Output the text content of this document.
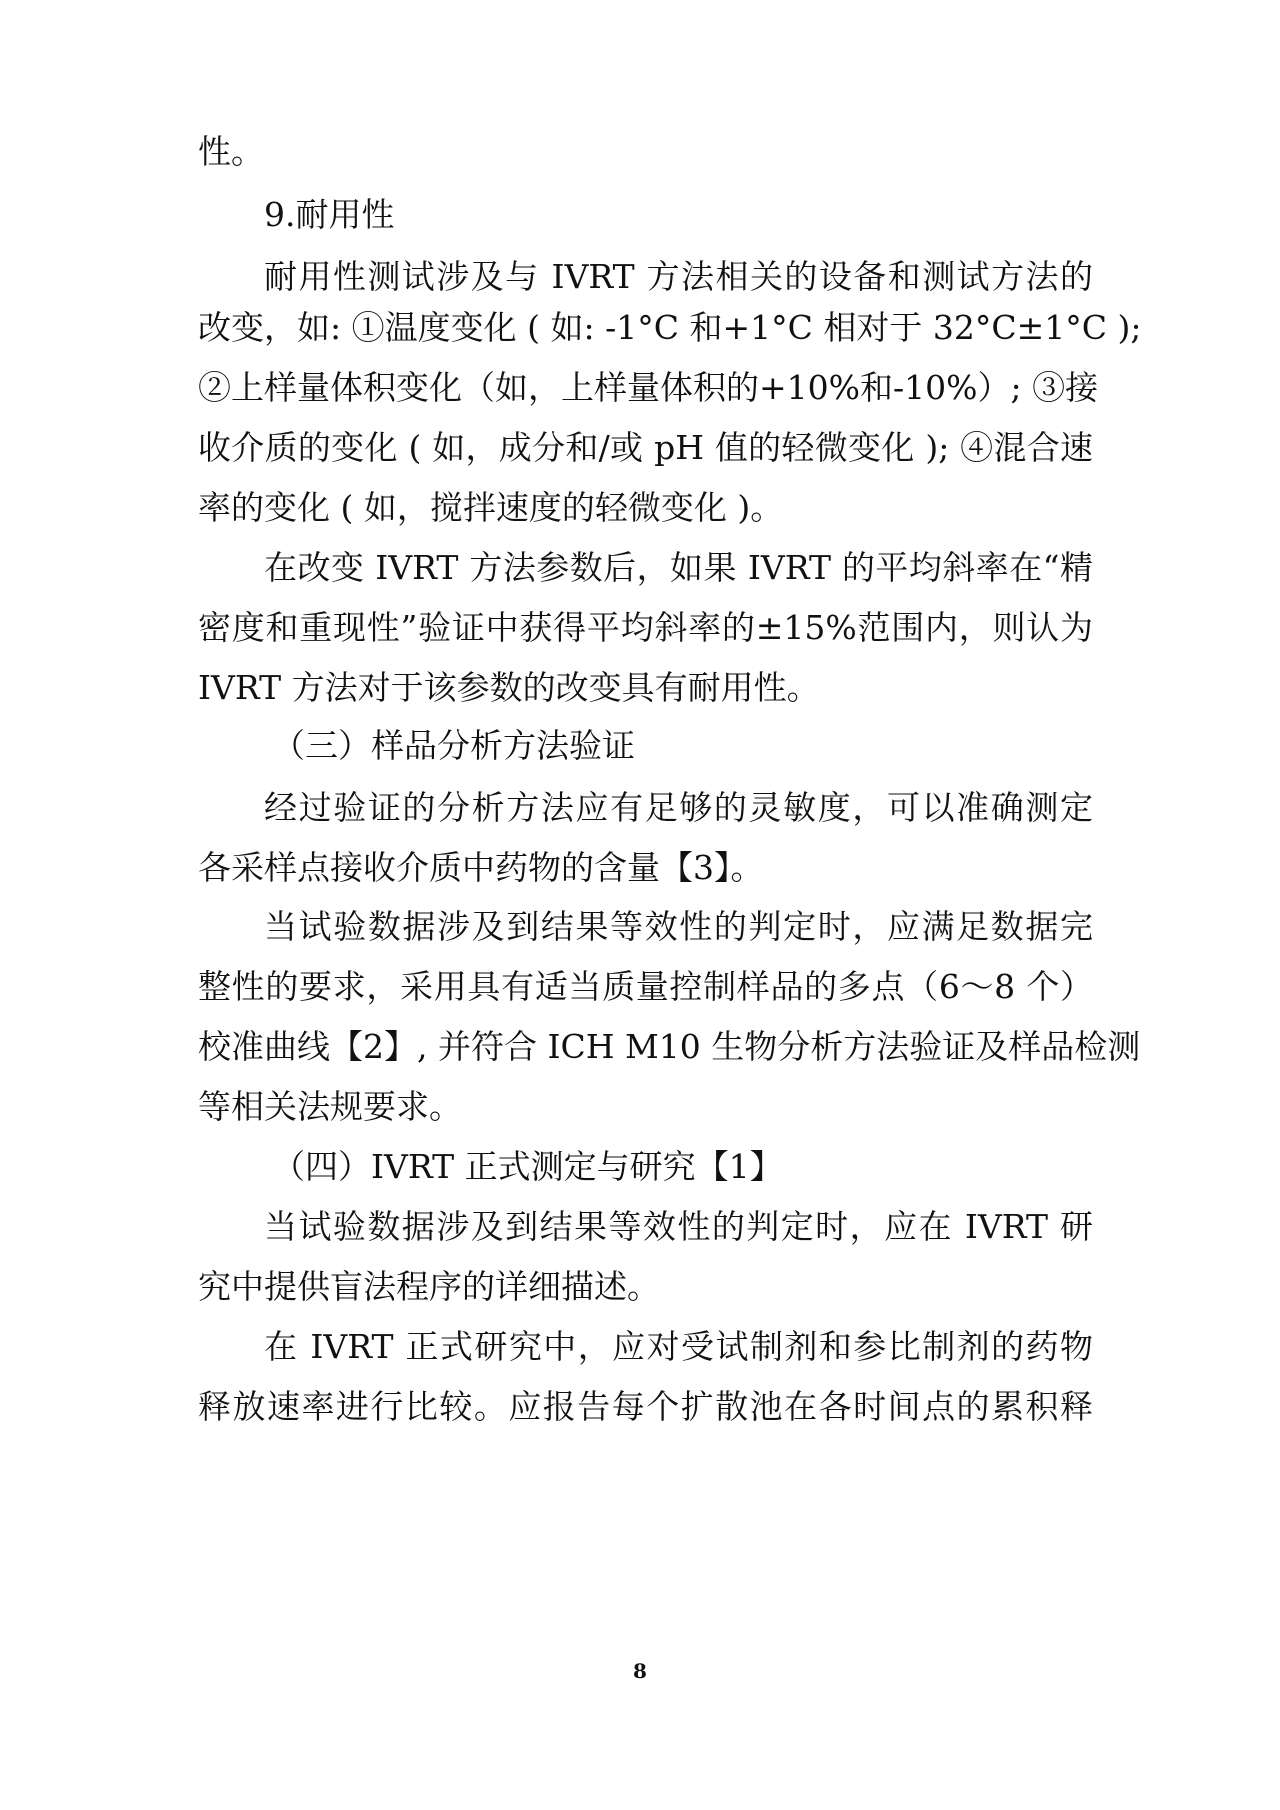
性。
9.耐用性
耐用性测试涉及与 IVRT 方法相关的设备和测试方法的
改变，如: ①温度变化 ( 如: -1°C 和+1°C 相对于 32°C±1°C );
②上样量体积变化（如，上样量体积的+10%和-10%）; ③接
收介质的变化 ( 如，成分和/或 pH 值的轻微变化 ); ④混合速
率的变化 ( 如，搅拌速度的轻微变化 )。
在改变 IVRT 方法参数后，如果 IVRT 的平均斜率在“精
密度和重现性”验证中获得平均斜率的±15%范围内，则认为
IVRT 方法对于该参数的改变具有耐用性。
（三）样品分析方法验证
经过验证的分析方法应有足够的灵敏度，可以准确测定
各采样点接收介质中药物的含量【3】。
当试验数据涉及到结果等效性的判定时，应满足数据完
整性的要求，采用具有适当质量控制样品的多点（6～8 个）
校准曲线【2】, 并符合 ICH M10 生物分析方法验证及样品检测
等相关法规要求。
（四）IVRT 正式测定与研究【1】
当试验数据涉及到结果等效性的判定时，应在 IVRT 研
究中提供盲法程序的详细描述。
在 IVRT 正式研究中，应对受试制剂和参比制剂的药物
释放速率进行比较。应报告每个扩散池在各时间点的累积释
8
